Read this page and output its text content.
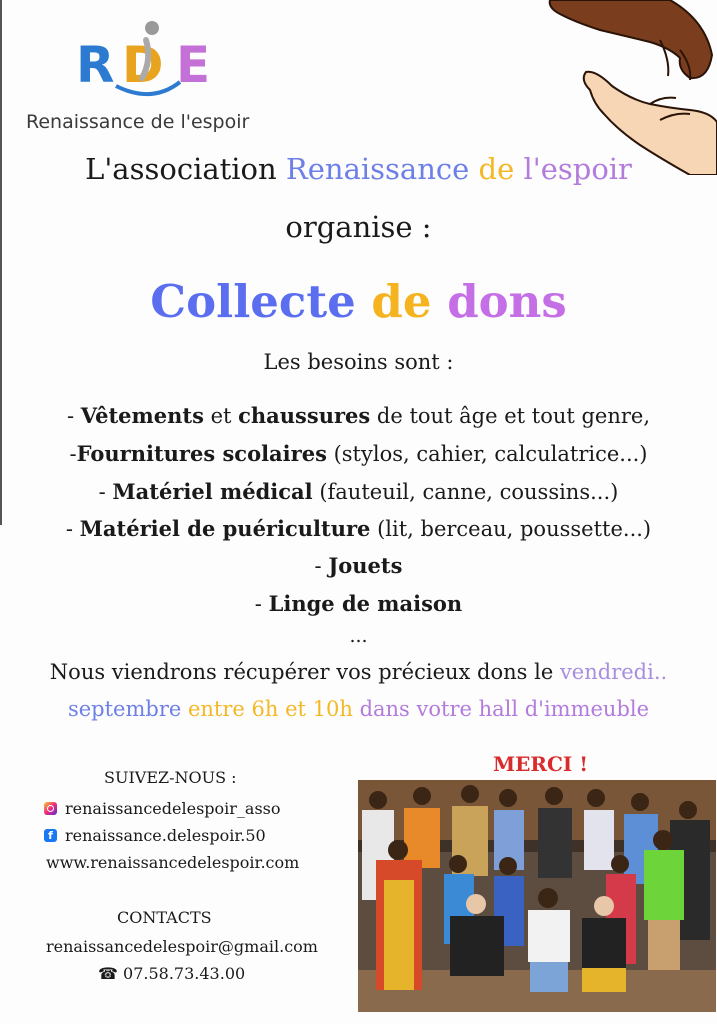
R D E
Renaissance de l'espoir
L'association Renaissance de l'espoir
organise :
Collecte de dons
Les besoins sont :
- Vêtements et chaussures de tout âge et tout genre,
-Fournitures scolaires (stylos, cahier, calculatrice...)
- Matériel médical (fauteuil, canne, coussins...)
- Matériel de puériculture (lit, berceau, poussette...)
- Jouets
- Linge de maison
...
Nous viendrons récupérer vos précieux dons le vendredi..
septembre entre 6h et 10h dans votre hall d'immeuble
SUIVEZ-NOUS :
renaissancedelespoir_asso
f renaissance.delespoir.50
www.renaissancedelespoir.com
CONTACTS
renaissancedelespoir@gmail.com
☎ 07.58.73.43.00
MERCI !
